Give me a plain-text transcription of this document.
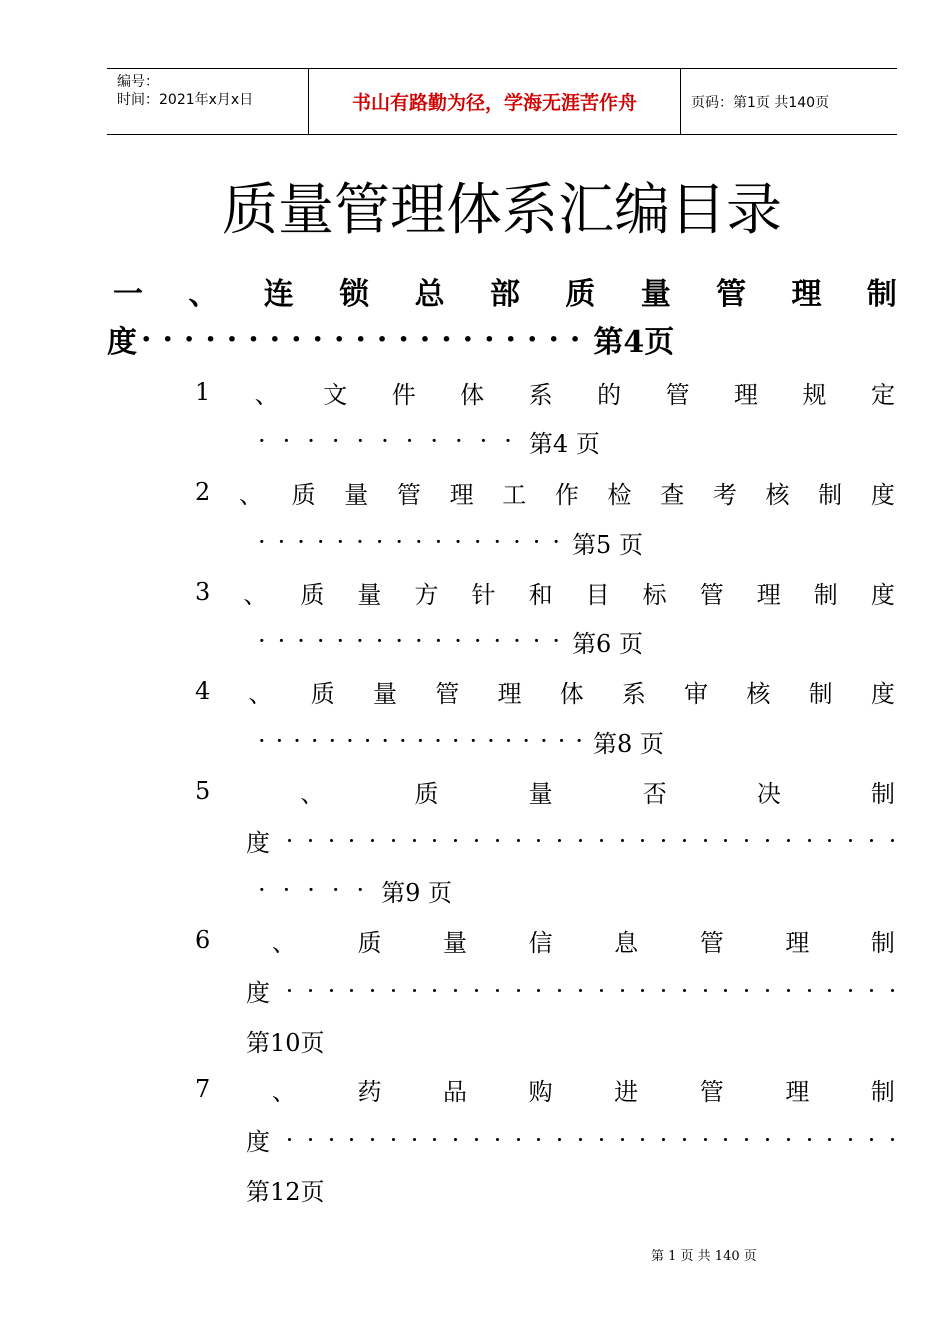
编号：
时间：2021年x月x日	书山有路勤为径，学海无涯苦作舟	页码：第1页 共140页
质量管理体系汇编目录
一 、 连 锁 总 部 质 量 管 理 制
度 ····················· 第4页
1 、 文 件 体 系 的 管 理 规 定
··········· 第4 页
2 、 质 量 管 理 工 作 检 查 考 核 制 度
················ 第5 页
3 、 质 量 方 针 和 目 标 管 理 制 度
················ 第6 页
4 、 质 量 管 理 体 系 审 核 制 度
··················· 第8 页
5	、	质	量	否	决	制
度
····· 第9 页
6	、	质	量	信	息	管	理	制
度
第10页
7	、	药	品	购	进	管	理	制
度
第12页
第 1 页 共 140 页
